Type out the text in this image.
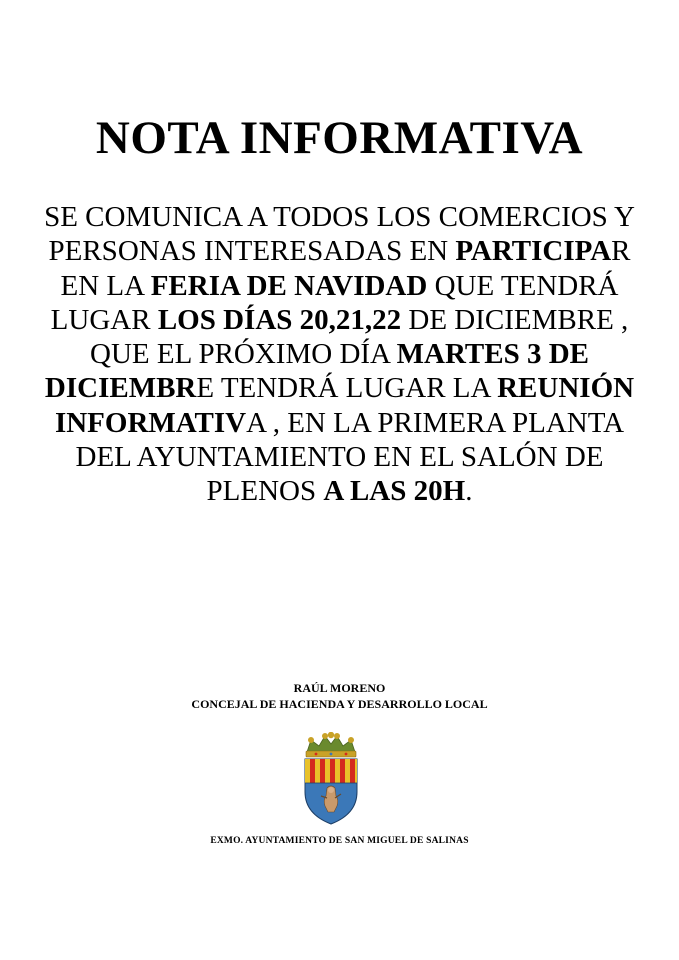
NOTA INFORMATIVA

SE COMUNICA A TODOS LOS COMERCIOS Y PERSONAS INTERESADAS EN PARTICIPAR EN LA FERIA DE NAVIDAD QUE TENDRÁ LUGAR LOS DÍAS 20,21,22 DE DICIEMBRE , QUE EL PRÓXIMO DÍA MARTES 3 DE DICIEMBRE TENDRÁ LUGAR LA REUNIÓN INFORMATIVA , EN LA PRIMERA PLANTA DEL AYUNTAMIENTO EN EL SALÓN DE PLENOS A LAS 20H.

RAÚL MORENO
CONCEJAL DE HACIENDA Y DESARROLLO LOCAL
EXMO. AYUNTAMIENTO DE SAN MIGUEL DE SALINAS
